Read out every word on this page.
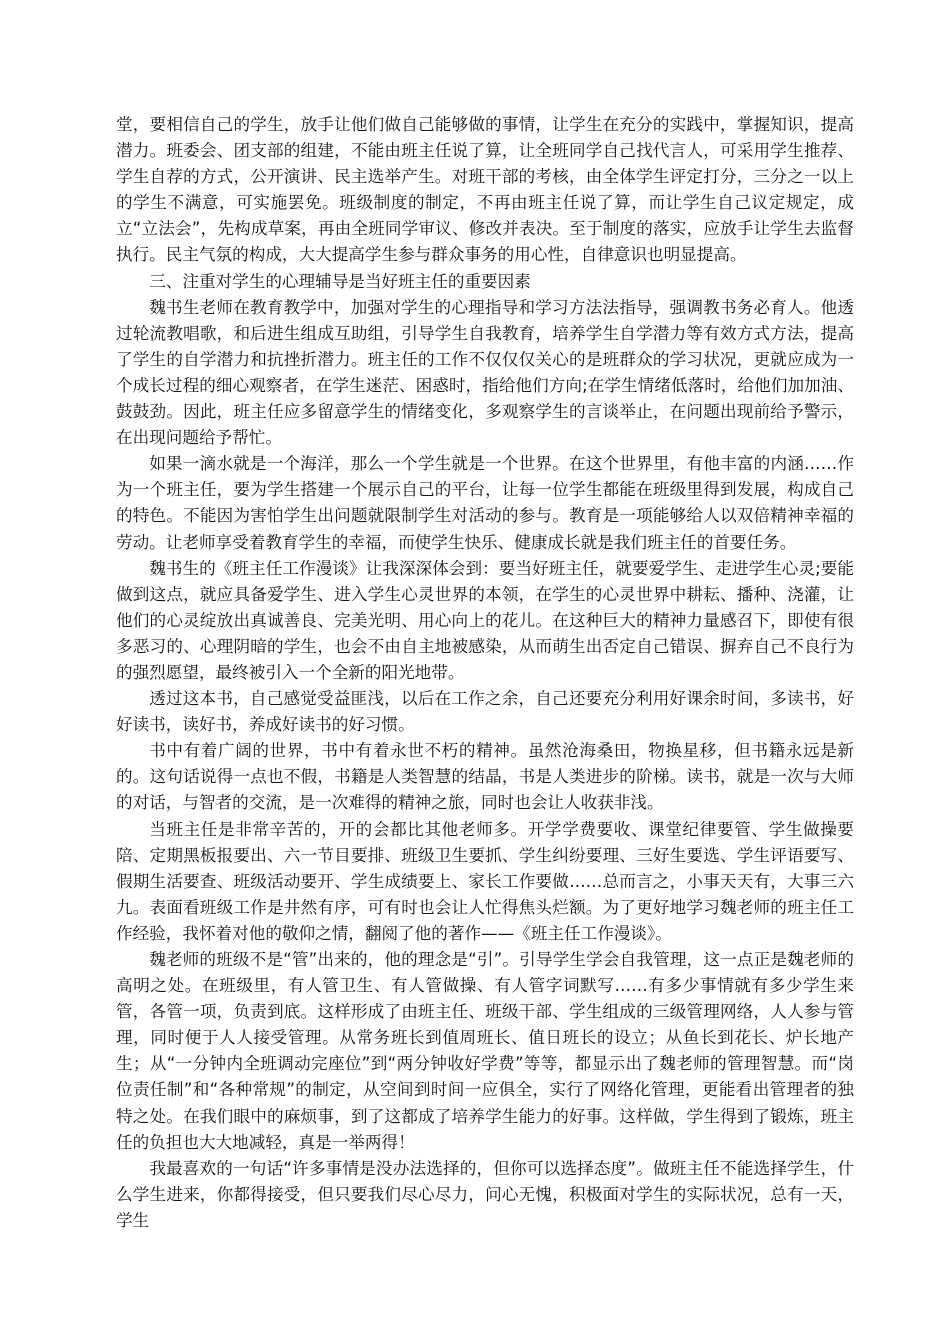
堂，要相信自己的学生，放手让他们做自己能够做的事情，让学生在充分的实践中，掌握知识，提高潜力。班委会、团支部的组建，不能由班主任说了算，让全班同学自己找代言人，可采用学生推荐、学生自荐的方式，公开演讲、民主选举产生。对班干部的考核，由全体学生评定打分，三分之一以上的学生不满意，可实施罢免。班级制度的制定，不再由班主任说了算，而让学生自己议定规定，成立“立法会”，先构成草案，再由全班同学审议、修改并表决。至于制度的落实，应放手让学生去监督执行。民主气氛的构成，大大提高学生参与群众事务的用心性，自律意识也明显提高。

三、注重对学生的心理辅导是当好班主任的重要因素

魏书生老师在教育教学中，加强对学生的心理指导和学习方法法指导，强调教书务必育人。他透过轮流教唱歌，和后进生组成互助组，引导学生自我教育，培养学生自学潜力等有效方式方法，提高了学生的自学潜力和抗挫折潜力。班主任的工作不仅仅仅关心的是班群众的学习状况，更就应成为一个成长过程的细心观察者，在学生迷茫、困惑时，指给他们方向;在学生情绪低落时，给他们加加油、鼓鼓劲。因此，班主任应多留意学生的情绪变化，多观察学生的言谈举止，在问题出现前给予警示，在出现问题给予帮忙。

如果一滴水就是一个海洋，那么一个学生就是一个世界。在这个世界里，有他丰富的内涵……作为一个班主任，要为学生搭建一个展示自己的平台，让每一位学生都能在班级里得到发展，构成自己的特色。不能因为害怕学生出问题就限制学生对活动的参与。教育是一项能够给人以双倍精神幸福的劳动。让老师享受着教育学生的幸福，而使学生快乐、健康成长就是我们班主任的首要任务。

魏书生的《班主任工作漫谈》让我深深体会到：要当好班主任，就要爱学生、走进学生心灵;要能做到这点，就应具备爱学生、进入学生心灵世界的本领，在学生的心灵世界中耕耘、播种、浇灌，让他们的心灵绽放出真诚善良、完美光明、用心向上的花儿。在这种巨大的精神力量感召下，即使有很多恶习的、心理阴暗的学生，也会不由自主地被感染，从而萌生出否定自己错误、摒弃自己不良行为的强烈愿望，最终被引入一个全新的阳光地带。

透过这本书，自己感觉受益匪浅，以后在工作之余，自己还要充分利用好课余时间，多读书，好好读书，读好书，养成好读书的好习惯。

书中有着广阔的世界，书中有着永世不朽的精神。虽然沧海桑田，物换星移，但书籍永远是新的。这句话说得一点也不假，书籍是人类智慧的结晶，书是人类进步的阶梯。读书，就是一次与大师的对话，与智者的交流，是一次难得的精神之旅，同时也会让人收获非浅。

当班主任是非常辛苦的，开的会都比其他老师多。开学学费要收、课堂纪律要管、学生做操要陪、定期黑板报要出、六一节目要排、班级卫生要抓、学生纠纷要理、三好生要选、学生评语要写、假期生活要查、班级活动要开、学生成绩要上、家长工作要做……总而言之，小事天天有，大事三六九。表面看班级工作是井然有序，可有时也会让人忙得焦头烂额。为了更好地学习魏老师的班主任工作经验，我怀着对他的敬仰之情，翻阅了他的著作——《班主任工作漫谈》。

魏老师的班级不是“管”出来的，他的理念是“引”。引导学生学会自我管理，这一点正是魏老师的高明之处。在班级里，有人管卫生、有人管做操、有人管字词默写……有多少事情就有多少学生来管，各管一项，负责到底。这样形成了由班主任、班级干部、学生组成的三级管理网络，人人参与管理，同时便于人人接受管理。从常务班长到值周班长、值日班长的设立；从鱼长到花长、炉长地产生；从“一分钟内全班调动完座位”到“两分钟收好学费”等等，都显示出了魏老师的管理智慧。而“岗位责任制”和“各种常规”的制定，从空间到时间一应俱全，实行了网络化管理，更能看出管理者的独特之处。在我们眼中的麻烦事，到了这都成了培养学生能力的好事。这样做，学生得到了锻炼，班主任的负担也大大地减轻，真是一举两得！

我最喜欢的一句话“许多事情是没办法选择的，但你可以选择态度”。做班主任不能选择学生，什么学生进来，你都得接受，但只要我们尽心尽力，问心无愧，积极面对学生的实际状况，总有一天，学生
